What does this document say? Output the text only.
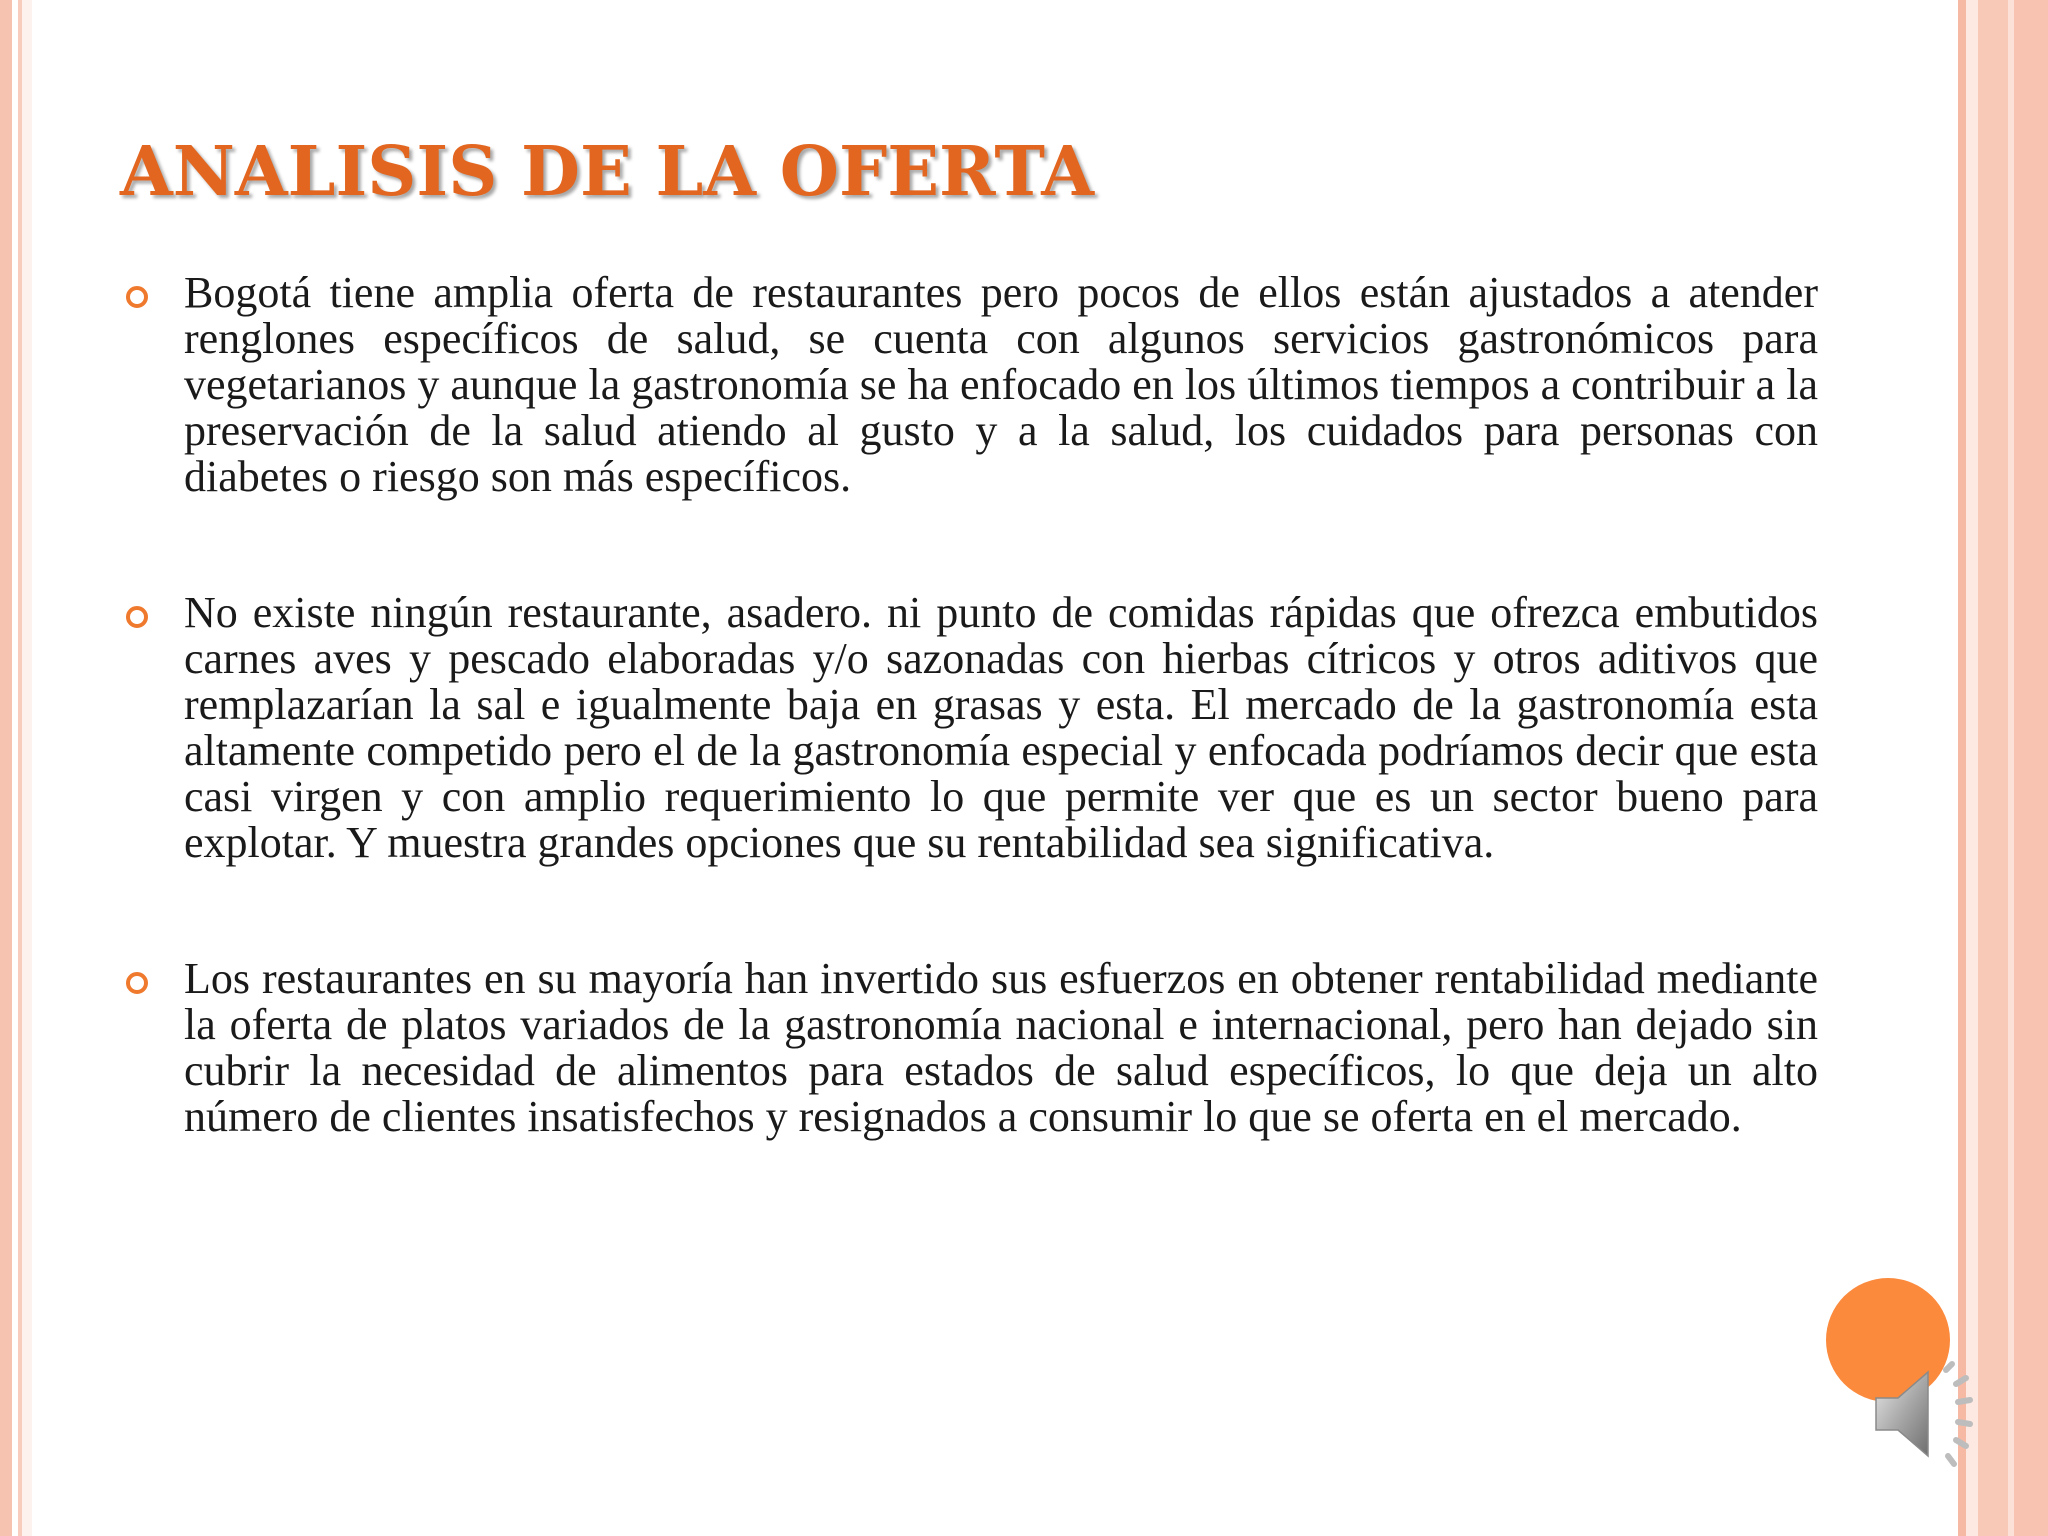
ANALISIS DE LA OFERTA
Bogotá tiene amplia oferta de restaurantes pero pocos de ellos están ajustados a atender renglones específicos de salud, se cuenta con algunos servicios gastronómicos para vegetarianos y aunque la gastronomía se ha enfocado en los últimos tiempos a contribuir a la preservación de la salud atiendo al gusto y a la salud, los cuidados para personas con diabetes o riesgo son más específicos.
No existe ningún restaurante, asadero. ni punto de comidas rápidas que ofrezca embutidos carnes aves y pescado elaboradas y/o sazonadas con hierbas cítricos y otros aditivos que remplazarían la sal e igualmente baja en grasas y esta. El mercado de la gastronomía esta altamente competido pero el de la gastronomía especial y enfocada podríamos decir que esta casi virgen y con amplio requerimiento lo que permite ver que es un sector bueno para explotar. Y muestra grandes opciones que su rentabilidad sea significativa.
Los restaurantes en su mayoría han invertido sus esfuerzos en obtener rentabilidad mediante la oferta de platos variados de la gastronomía nacional e internacional, pero han dejado sin cubrir la necesidad de alimentos para estados de salud específicos, lo que deja un alto número de clientes insatisfechos y resignados a consumir lo que se oferta en el mercado.
